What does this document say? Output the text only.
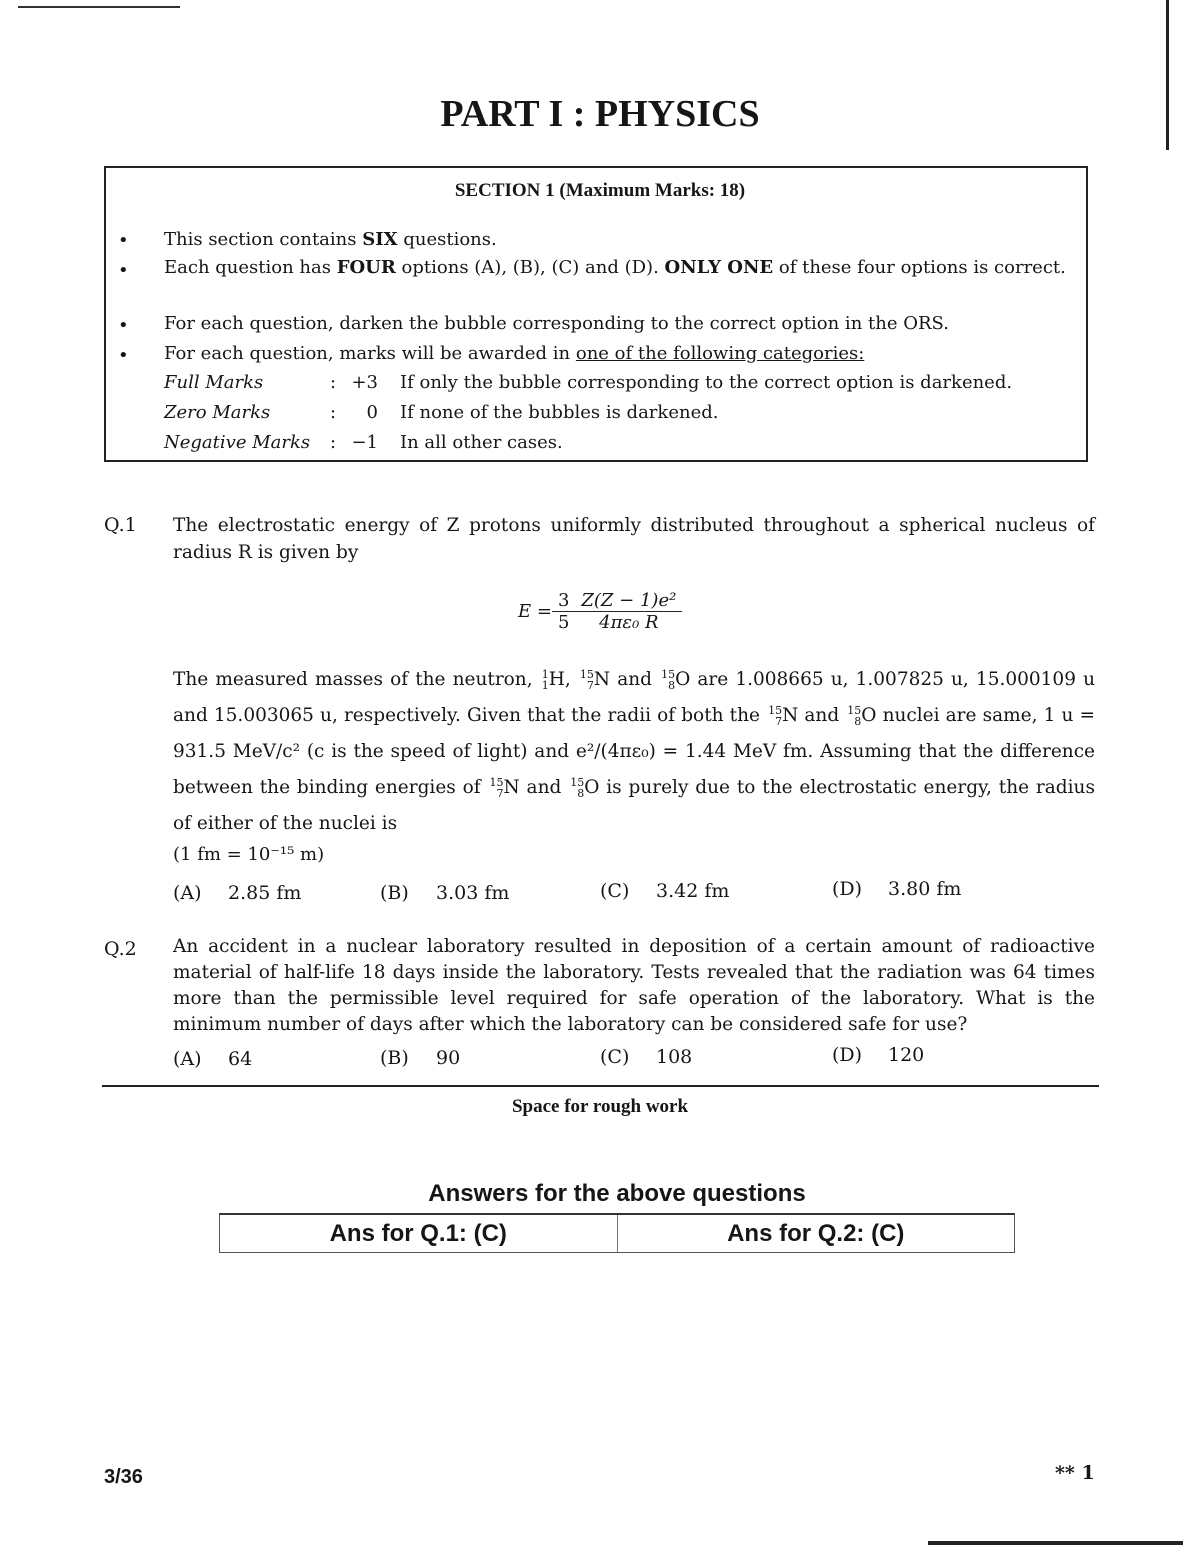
PART I : PHYSICS
SECTION 1 (Maximum Marks: 18)
• This section contains SIX questions.
• Each question has FOUR options (A), (B), (C) and (D). ONLY ONE of these four options is correct.
• For each question, darken the bubble corresponding to the correct option in the ORS.
• For each question, marks will be awarded in one of the following categories:
Full Marks	: +3 If only the bubble corresponding to the correct option is darkened.
Zero Marks	:	0 If none of the bubbles is darkened.
Negative Marks : −1 In all other cases.
Q.1 The electrostatic energy of Z protons uniformly distributed throughout a spherical nucleus of radius R is given by
$E = \frac{3}{5} \frac{\text{Z(Z − 1)e²}}{\text{4πε₀ R}}$
The measured masses of the neutron, 1
1 H, 15
7 N and 15
8 O are 1.008665 u, 1.007825 u, 15.000109 u and 15.003065 u, respectively. Given that the radii of both the 15
7 N and 15
8 O nuclei are same, 1 u = 931.5 MeV/c² (c is the speed of light) and e²/(4πε₀) = 1.44 MeV fm. Assuming that the difference between the binding energies of 15
7 N and 15
8 O is purely due to the electrostatic energy, the radius of either of the nuclei is
(1 fm = 10⁻¹⁵ m)
(A) 2.85 fm	(B) 3.03 fm	(C) 3.42 fm	(D) 3.80 fm
Q.2 An accident in a nuclear laboratory resulted in deposition of a certain amount of radioactive material of half-life 18 days inside the laboratory. Tests revealed that the radiation was 64 times more than the permissible level required for safe operation of the laboratory. What is the minimum number of days after which the laboratory can be considered safe for use?
(A) 64	(B) 90	(C) 108	(D) 120
Space for rough work
Answers for the above questions
Ans for Q.1: (C)	Ans for Q.2: (C)
3/36	** 1
